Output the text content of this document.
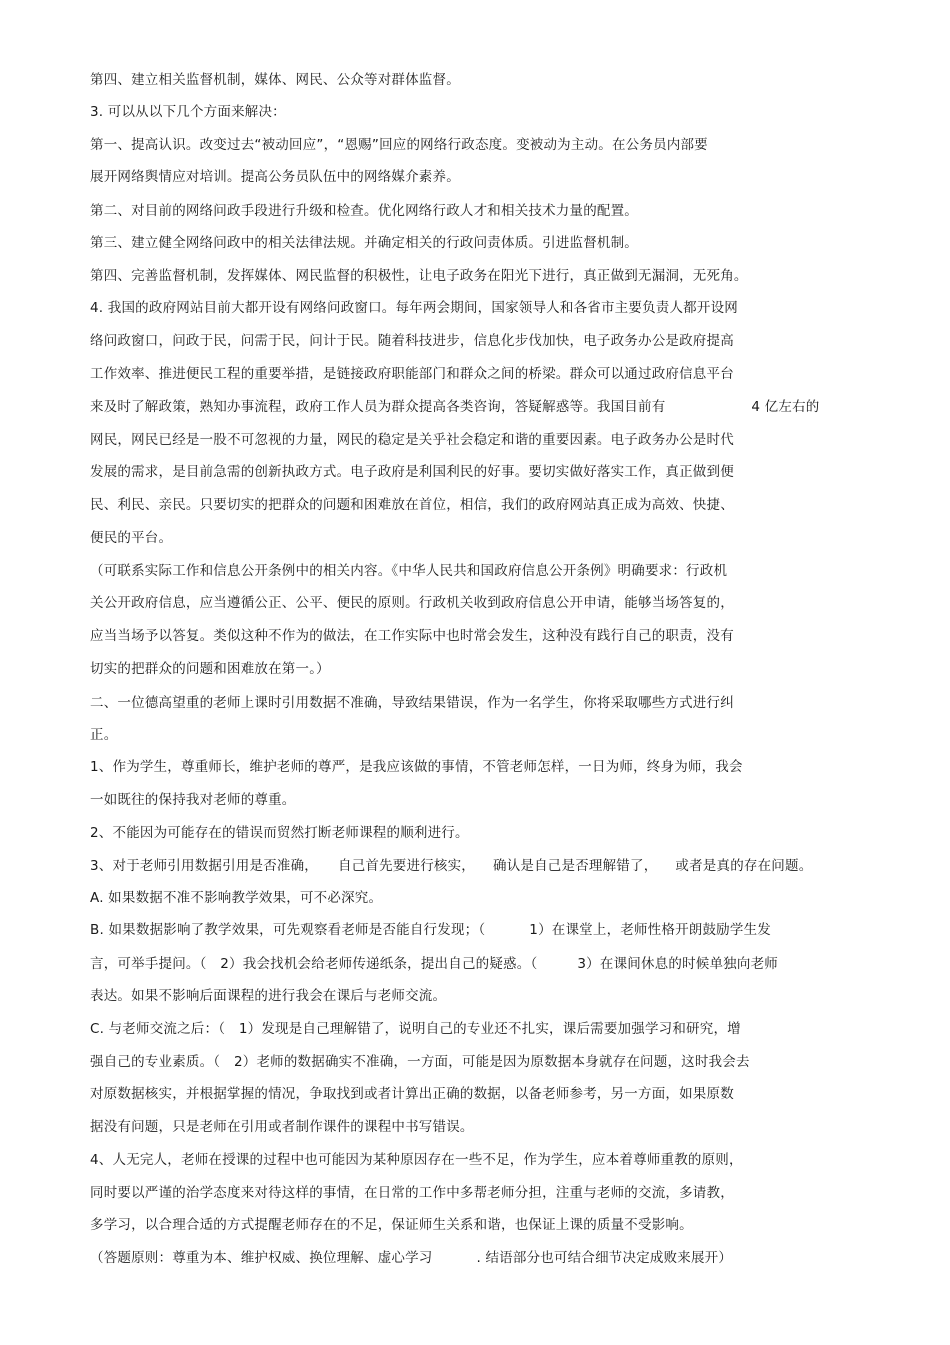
第四、建立相关监督机制，媒体、网民、公众等对群体监督。
3. 可以从以下几个方面来解决：
第一、提高认识。改变过去“被动回应”，“恩赐”回应的网络行政态度。变被动为主动。在公务员内部要
展开网络舆情应对培训。提高公务员队伍中的网络媒介素养。
第二、对目前的网络问政手段进行升级和检查。优化网络行政人才和相关技术力量的配置。
第三、建立健全网络问政中的相关法律法规。并确定相关的行政问责体质。引进监督机制。
第四、完善监督机制，发挥媒体、网民监督的积极性，让电子政务在阳光下进行，真正做到无漏洞，无死角。
4. 我国的政府网站目前大都开设有网络问政窗口。每年两会期间，国家领导人和各省市主要负责人都开设网
络问政窗口，问政于民，问需于民，问计于民。随着科技进步，信息化步伐加快，电子政务办公是政府提高
工作效率、推进便民工程的重要举措，是链接政府职能部门和群众之间的桥梁。群众可以通过政府信息平台
来及时了解政策，熟知办事流程，政府工作人员为群众提高各类咨询，答疑解惑等。我国目前有	4 亿左右的
网民，网民已经是一股不可忽视的力量，网民的稳定是关乎社会稳定和谐的重要因素。电子政务办公是时代
发展的需求，是目前急需的创新执政方式。电子政府是利国利民的好事。要切实做好落实工作，真正做到便
民、利民、亲民。只要切实的把群众的问题和困难放在首位，相信，我们的政府网站真正成为高效、快捷、
便民的平台。
（可联系实际工作和信息公开条例中的相关内容。《中华人民共和国政府信息公开条例》明确要求：行政机
关公开政府信息，应当遵循公正、公平、便民的原则。行政机关收到政府信息公开申请，能够当场答复的，
应当当场予以答复。类似这种不作为的做法，在工作实际中也时常会发生，这种没有践行自己的职责，没有
切实的把群众的问题和困难放在第一。）
二、一位德高望重的老师上课时引用数据不准确，导致结果错误，作为一名学生，你将采取哪些方式进行纠
正。
1、作为学生，尊重师长，维护老师的尊严，是我应该做的事情，不管老师怎样，一日为师，终身为师，我会
一如既往的保持我对老师的尊重。
2、不能因为可能存在的错误而贸然打断老师课程的顺利进行。
3、对于老师引用数据引用是否准确， 自己首先要进行核实， 确认是自己是否理解错了， 或者是真的存在问题。
A. 如果数据不准不影响教学效果，可不必深究。
B. 如果数据影响了教学效果，可先观察看老师是否能自行发现；（	1）在课堂上，老师性格开朗鼓励学生发
言，可举手提问。（　2）我会找机会给老师传递纸条，提出自己的疑惑。（	3）在课间休息的时候单独向老师
表达。如果不影响后面课程的进行我会在课后与老师交流。
C. 与老师交流之后：（　1）发现是自己理解错了，说明自己的专业还不扎实，课后需要加强学习和研究，增
强自己的专业素质。（　2）老师的数据确实不准确，一方面，可能是因为原数据本身就存在问题，这时我会去
对原数据核实，并根据掌握的情况，争取找到或者计算出正确的数据，以备老师参考，另一方面，如果原数
据没有问题，只是老师在引用或者制作课件的课程中书写错误。
4、人无完人，老师在授课的过程中也可能因为某种原因存在一些不足，作为学生，应本着尊师重教的原则，
同时要以严谨的治学态度来对待这样的事情，在日常的工作中多帮老师分担，注重与老师的交流，多请教，
多学习，以合理合适的方式提醒老师存在的不足，保证师生关系和谐，也保证上课的质量不受影响。
（答题原则：尊重为本、维护权威、换位理解、虚心学习	. 结语部分也可结合细节决定成败来展开）
